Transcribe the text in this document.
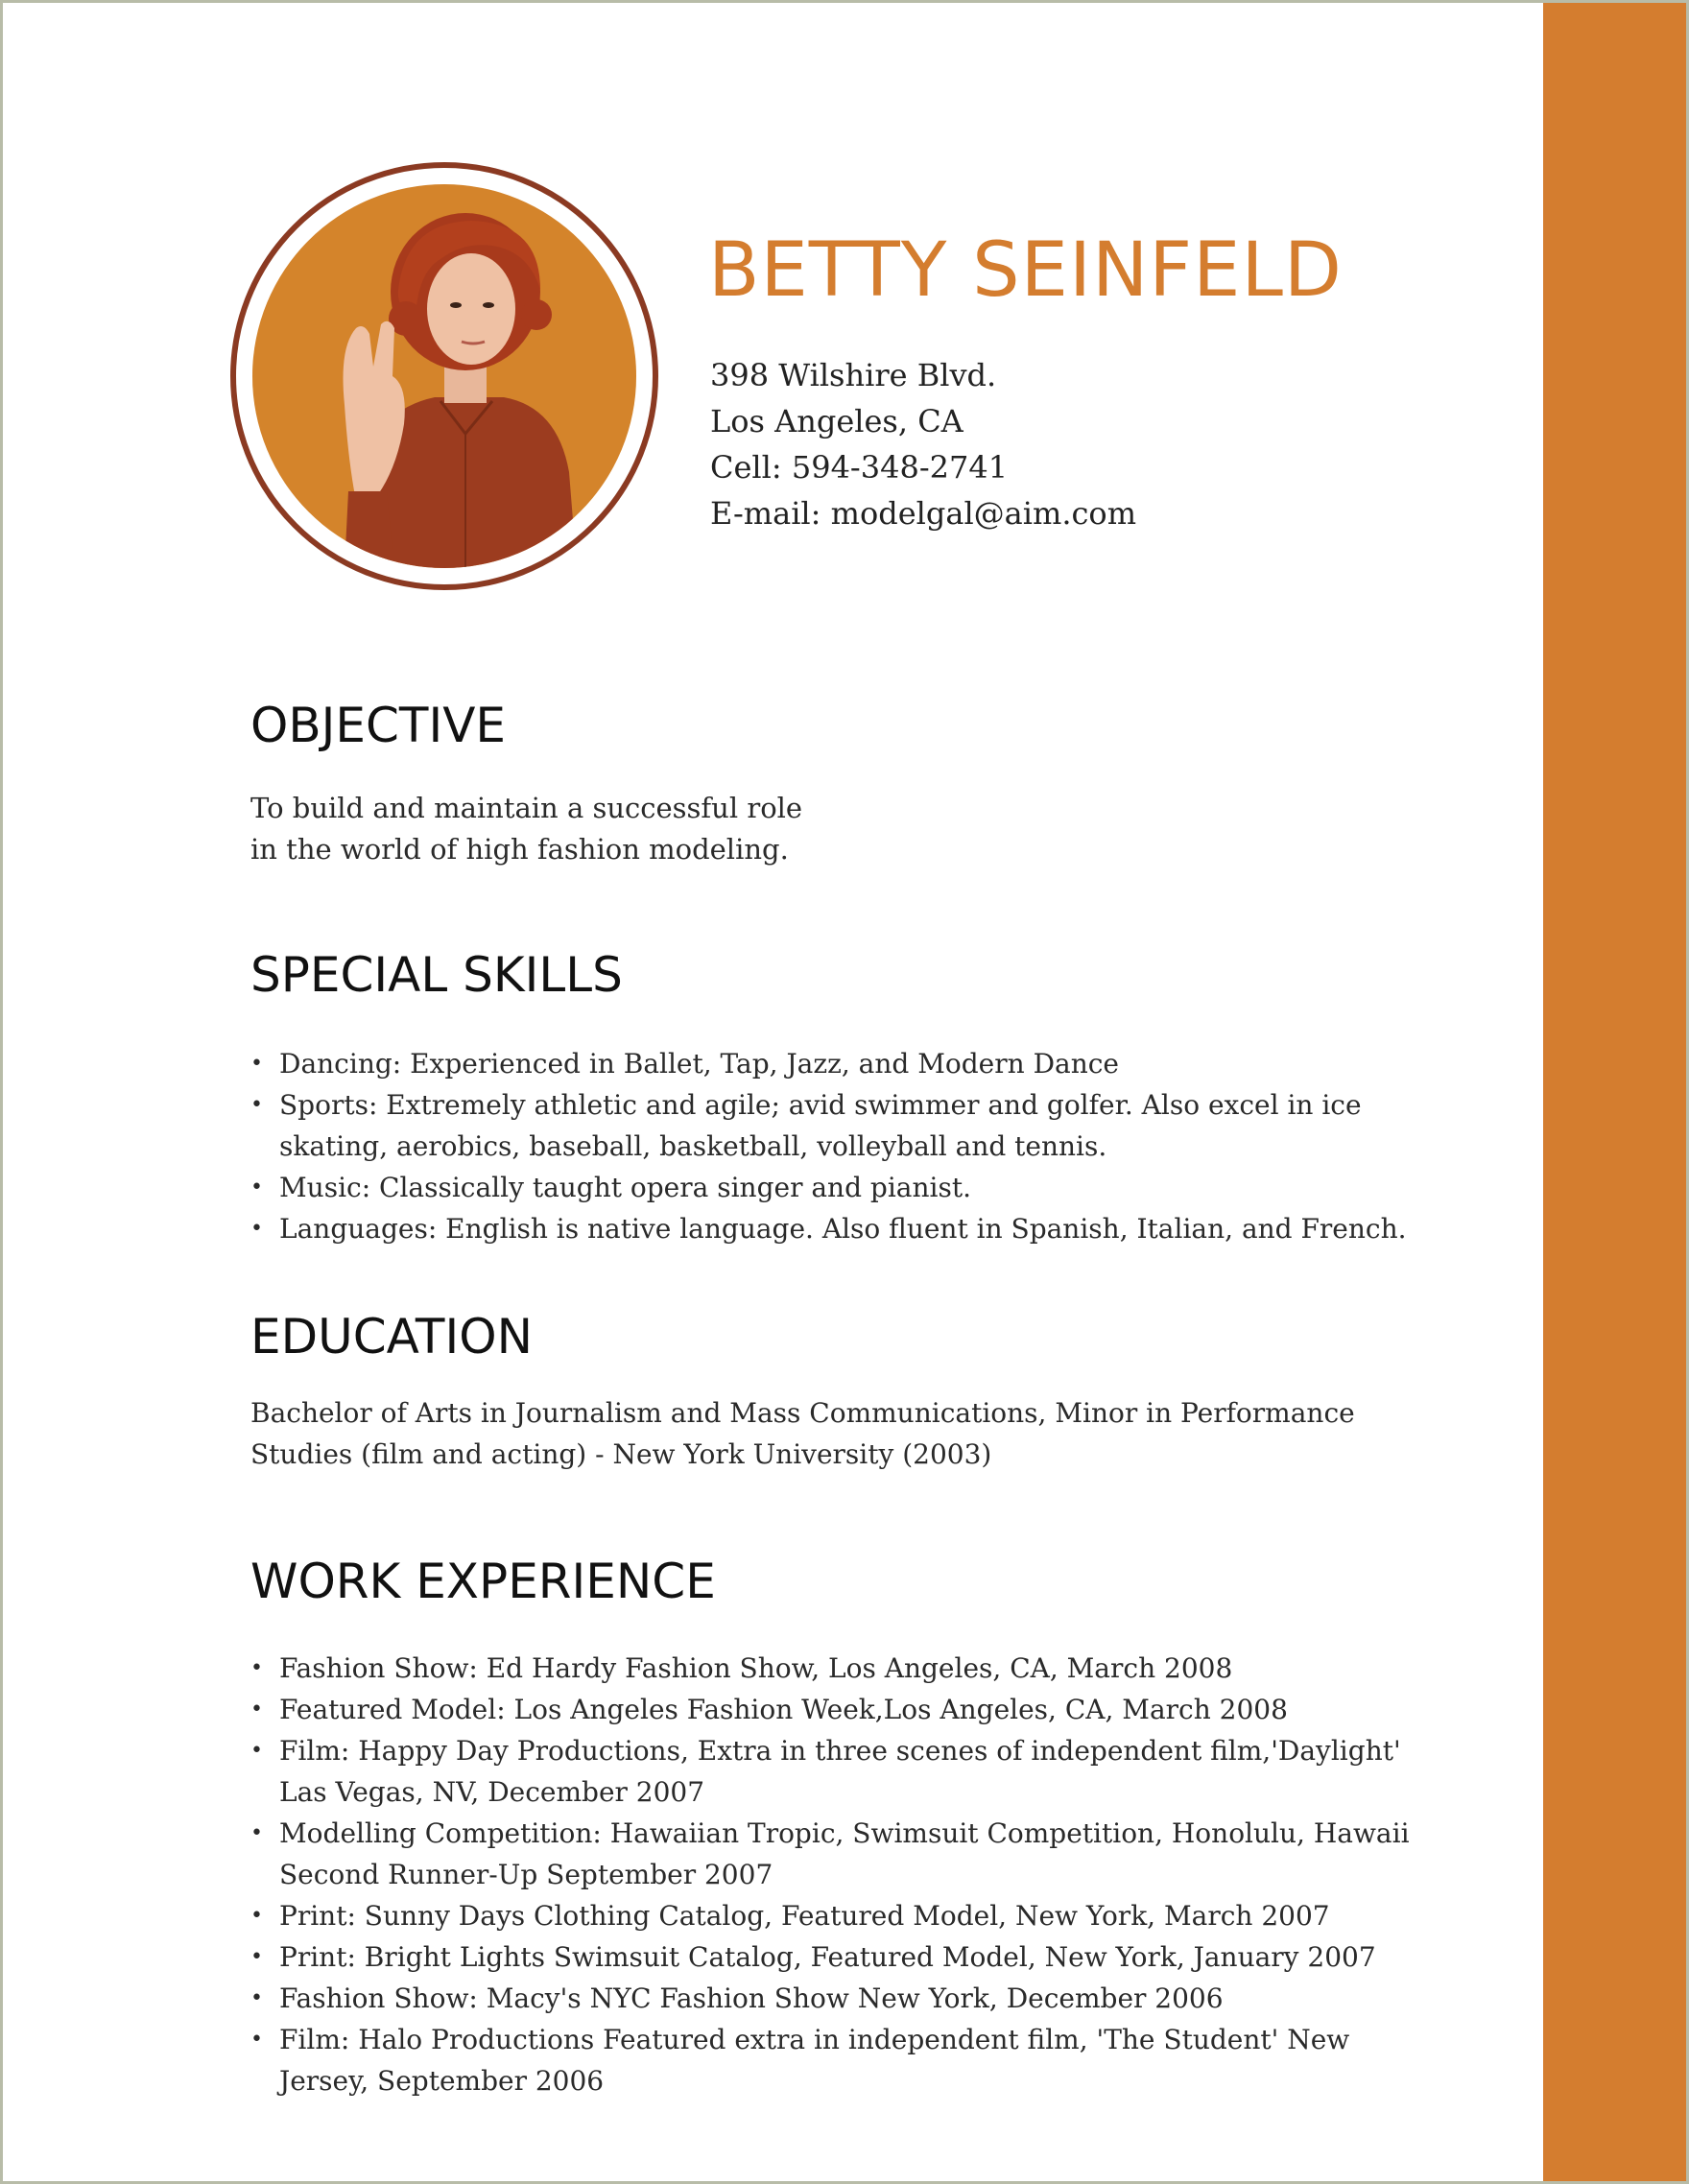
BETTY SEINFELD
398 Wilshire Blvd.
Los Angeles, CA
Cell: 594-348-2741
E-mail: modelgal@aim.com
OBJECTIVE
To build and maintain a successful role
in the world of high fashion modeling.
SPECIAL SKILLS
• Dancing: Experienced in Ballet, Tap, Jazz, and Modern Dance
• Sports: Extremely athletic and agile; avid swimmer and golfer. Also excel in ice
skating, aerobics, baseball, basketball, volleyball and tennis.
• Music: Classically taught opera singer and pianist.
• Languages: English is native language. Also fluent in Spanish, Italian, and French.
EDUCATION
Bachelor of Arts in Journalism and Mass Communications, Minor in Performance
Studies (film and acting) - New York University (2003)
WORK EXPERIENCE
• Fashion Show: Ed Hardy Fashion Show, Los Angeles, CA, March 2008
• Featured Model: Los Angeles Fashion Week,Los Angeles, CA, March 2008
• Film: Happy Day Productions, Extra in three scenes of independent film,'Daylight'
Las Vegas, NV, December 2007
• Modelling Competition: Hawaiian Tropic, Swimsuit Competition, Honolulu, Hawaii
Second Runner-Up September 2007
• Print: Sunny Days Clothing Catalog, Featured Model, New York, March 2007
• Print: Bright Lights Swimsuit Catalog, Featured Model, New York, January 2007
• Fashion Show: Macy's NYC Fashion Show New York, December 2006
• Film: Halo Productions Featured extra in independent film, 'The Student' New
Jersey, September 2006
